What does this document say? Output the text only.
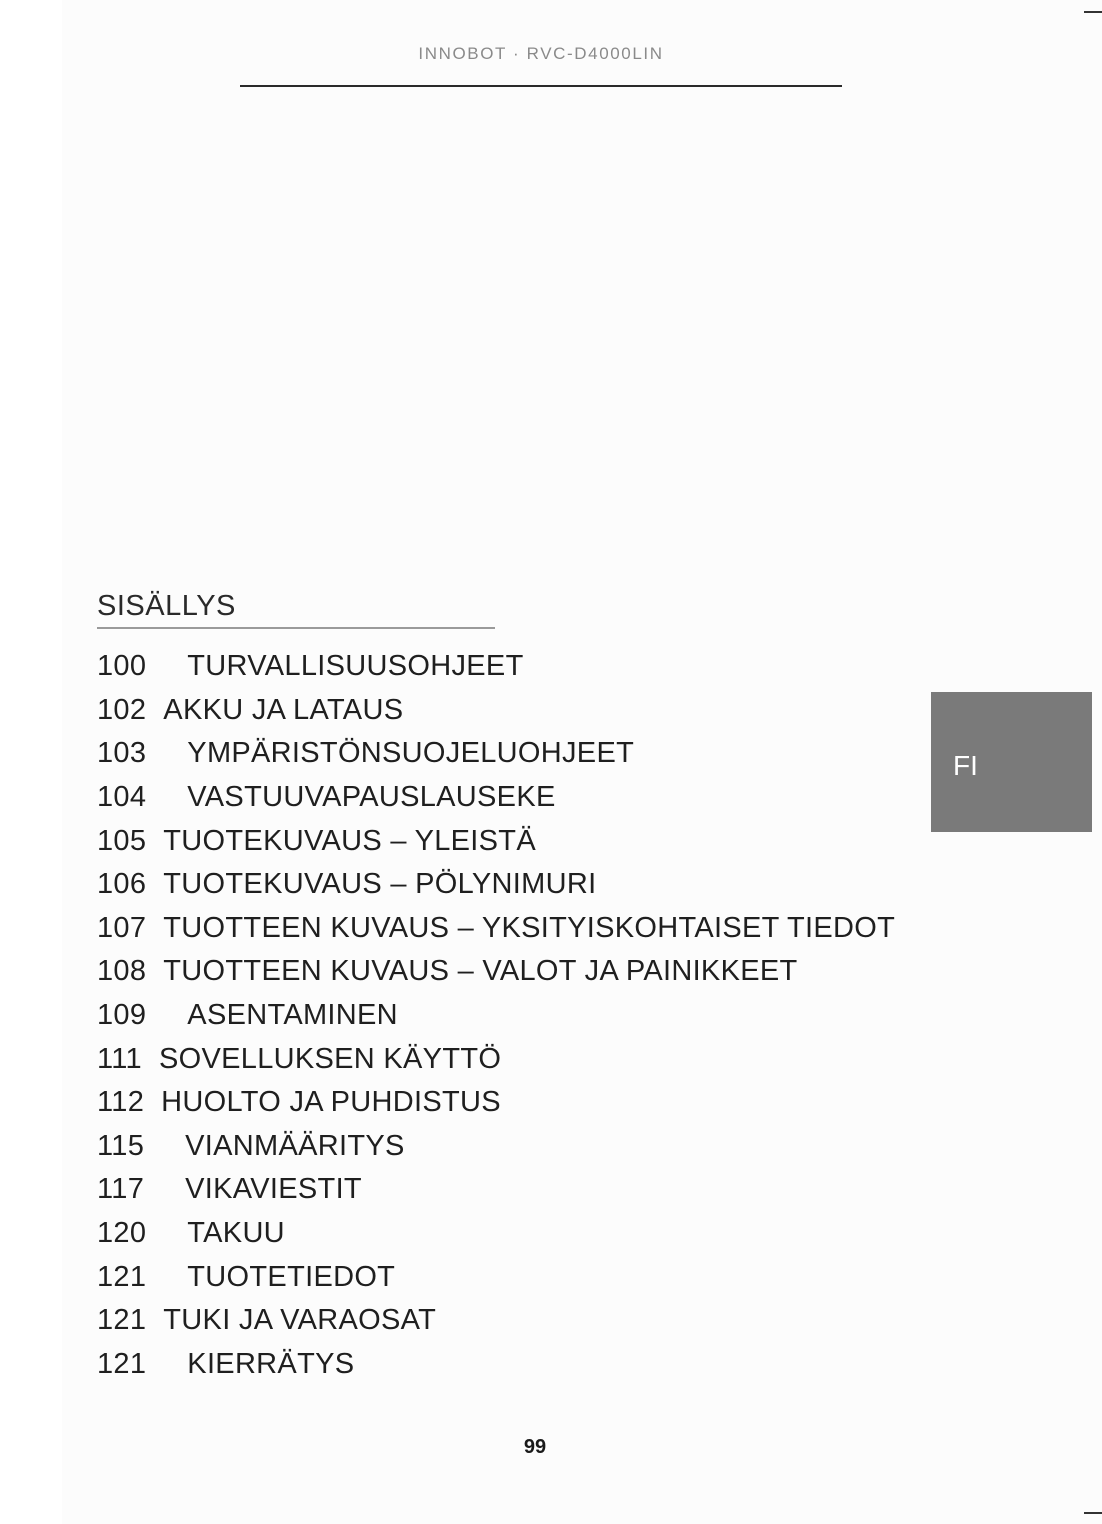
INNOBOT · RVC-D4000LIN
SISÄLLYS
100 TURVALLISUUSOHJEET
102 AKKU JA LATAUS
103 YMPÄRISTÖNSUOJELUOHJEET
104 VASTUUVAPAUSLAUSEKE
105 TUOTEKUVAUS – YLEISTÄ
106 TUOTEKUVAUS – PÖLYNIMURI
107 TUOTTEEN KUVAUS – YKSITYISKOHTAISET TIEDOT
108 TUOTTEEN KUVAUS – VALOT JA PAINIKKEET
109 ASENTAMINEN
111 SOVELLUKSEN KÄYTTÖ
112 HUOLTO JA PUHDISTUS
115 VIANMÄÄRITYS
117 VIKAVIESTIT
120 TAKUU
121 TUOTETIEDOT
121 TUKI JA VARAOSAT
121 KIERRÄTYS
FI
99
